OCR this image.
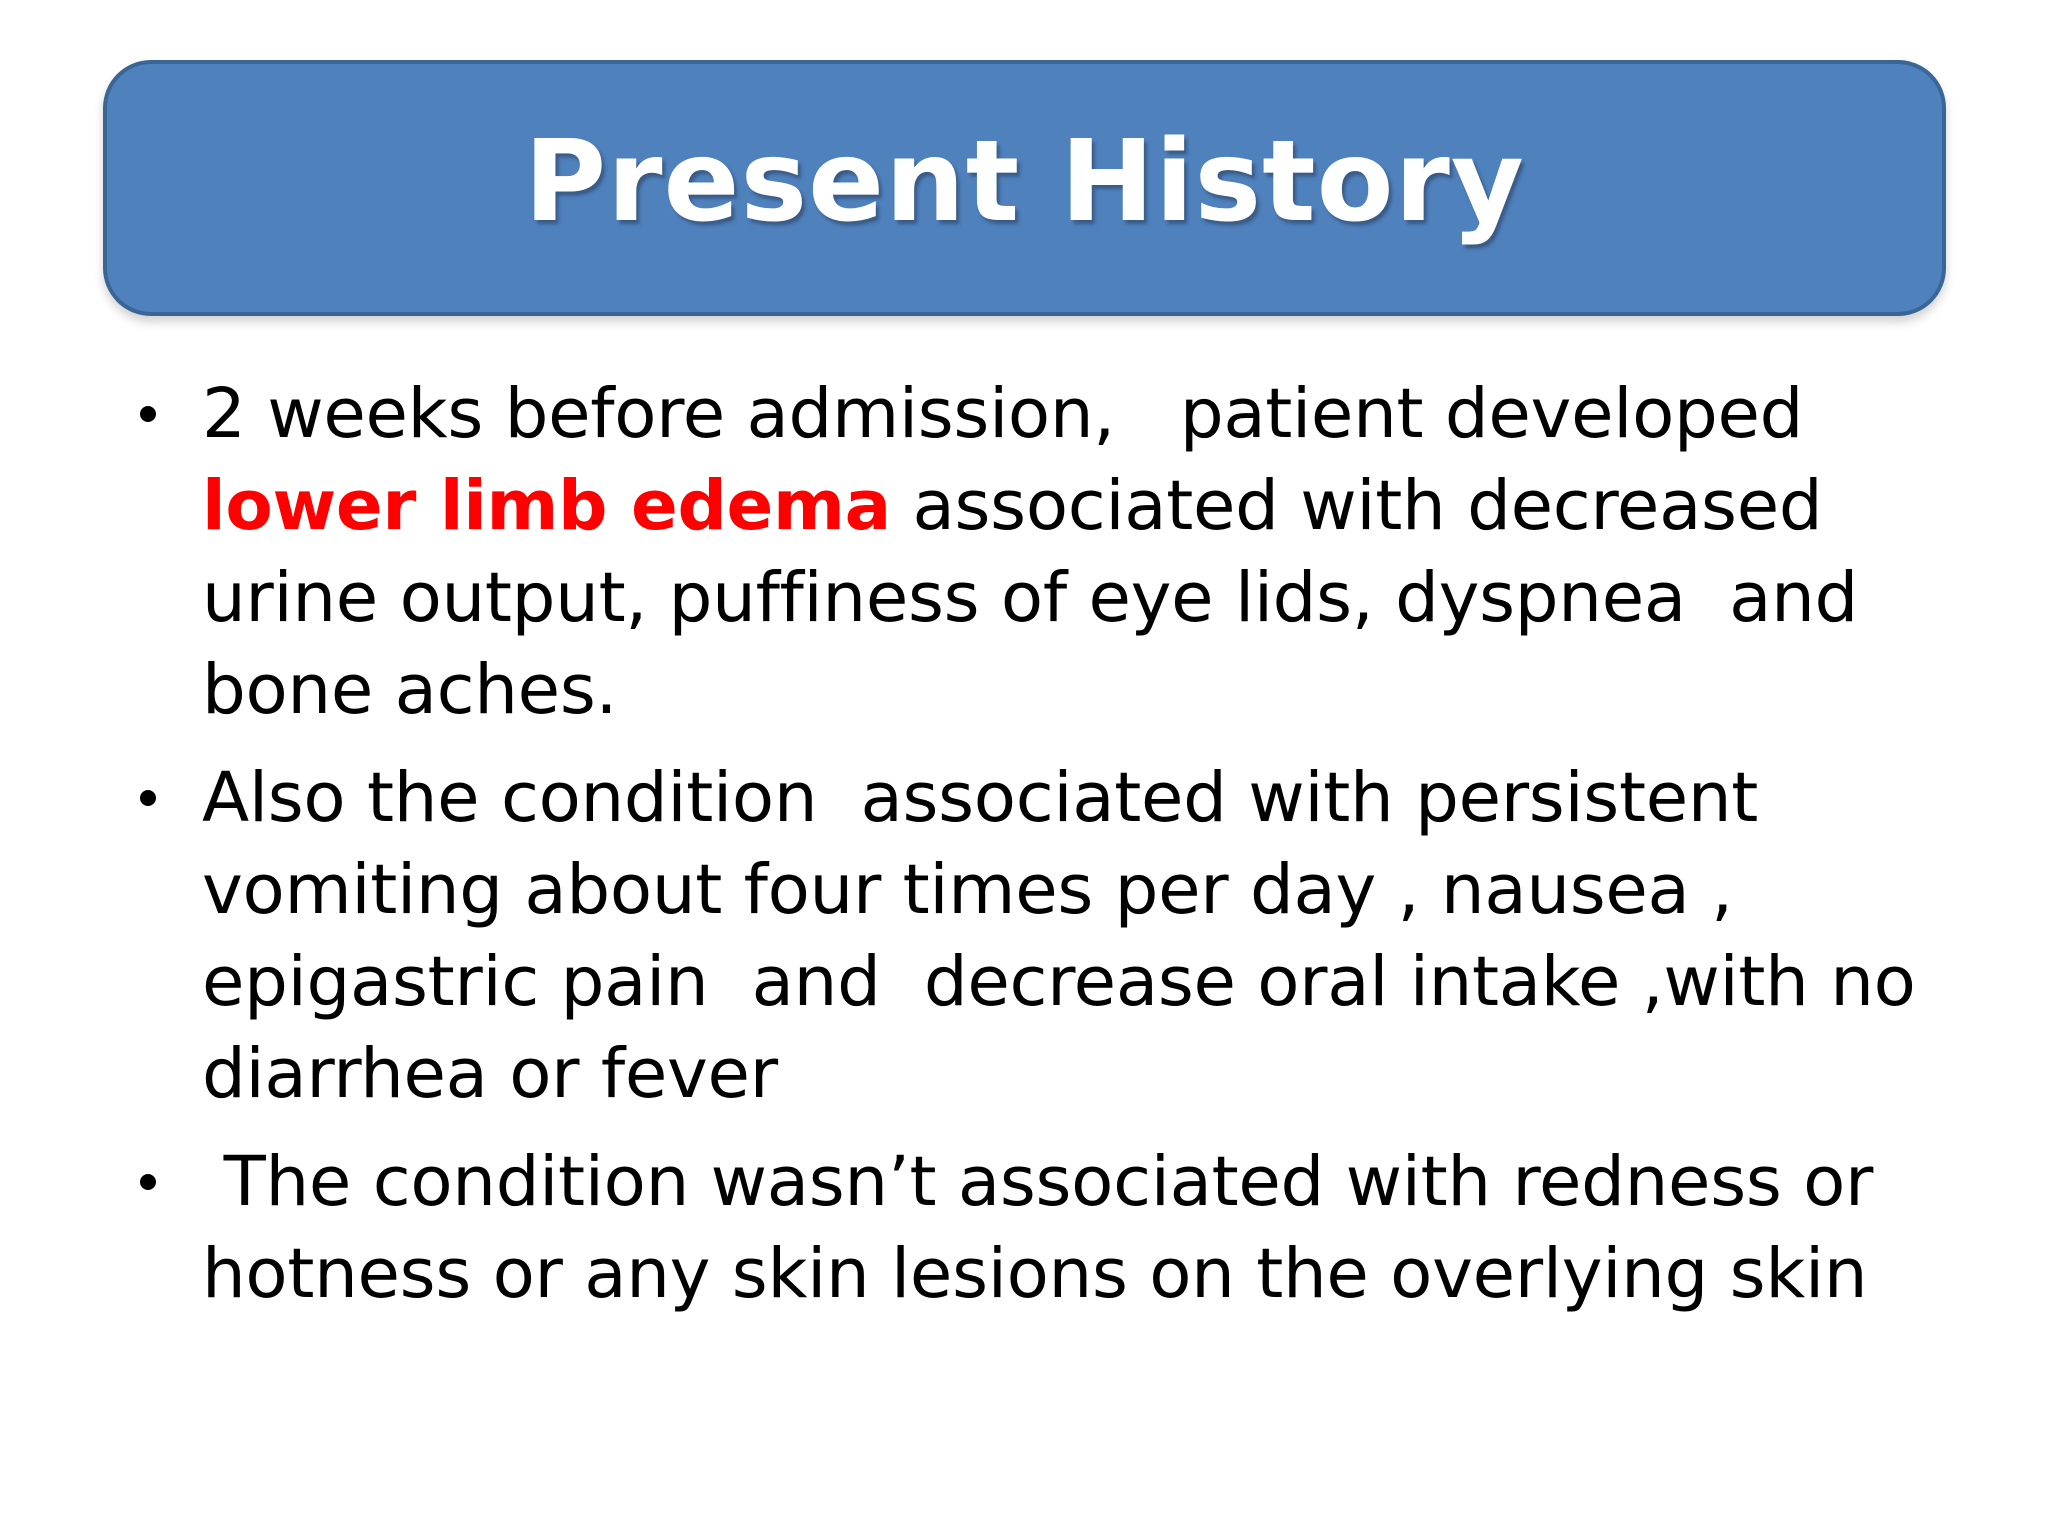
Present History
2 weeks before admission,   patient developed
lower limb edema associated with decreased
urine output, puffiness of eye lids, dyspnea  and
bone aches.
Also the condition  associated with persistent
vomiting about four times per day , nausea ,
epigastric pain  and  decrease oral intake ,with no
diarrhea or fever
The condition wasn’t associated with redness or
hotness or any skin lesions on the overlying skin
